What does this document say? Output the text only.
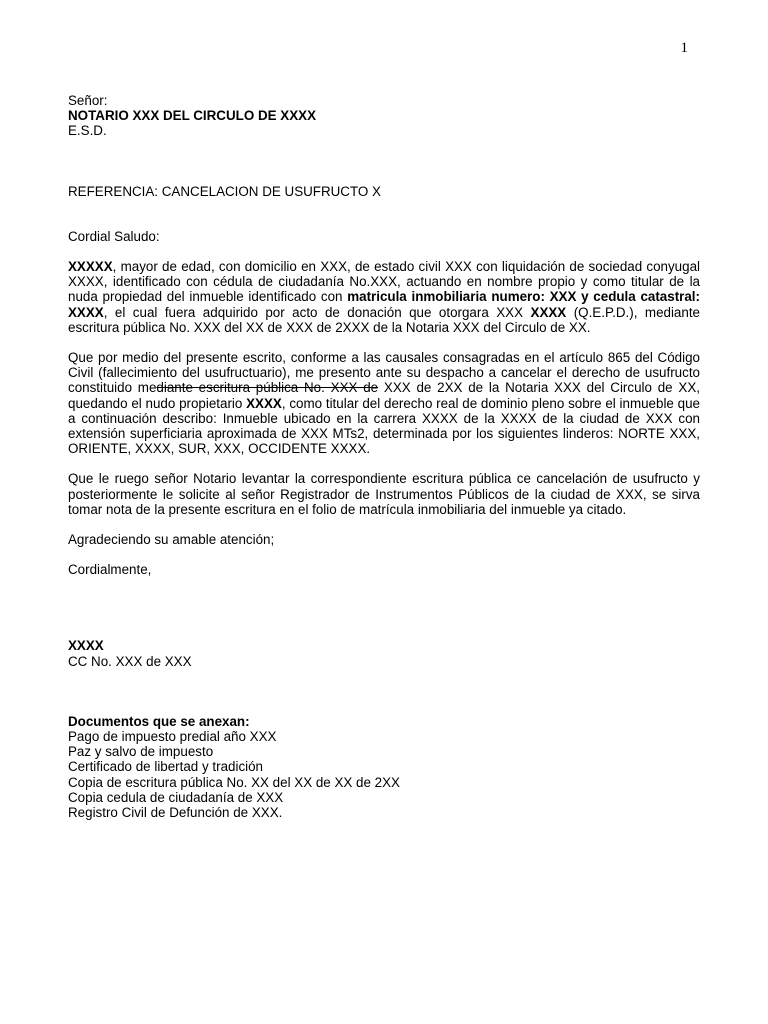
1
Señor:
NOTARIO XXX DEL CIRCULO DE XXXX
E.S.D.
REFERENCIA: CANCELACION DE USUFRUCTO X
Cordial Saludo:

XXXXX, mayor de edad, con domicilio en XXX, de estado civil XXX con liquidación de sociedad conyugal XXXX, identificado con cédula de ciudadanía No.XXX, actuando en nombre propio y como titular de la nuda propiedad del inmueble identificado con matricula inmobiliaria numero: XXX y cedula catastral: XXXX, el cual fuera adquirido por acto de donación que otorgara XXX XXXX (Q.E.P.D.), mediante escritura pública No. XXX del XX de XXX de 2XXX de la Notaria XXX del Circulo de XX.

Que por medio del presente escrito, conforme a las causales consagradas en el artículo 865 del Código Civil (fallecimiento del usufructuario), me presento ante su despacho a cancelar el derecho de usufructo constituido mediante escritura pública No. XXX de XXX de 2XX de la Notaria XXX del Circulo de XX, quedando el nudo propietario XXXX, como titular del derecho real de dominio pleno sobre el inmueble que a continuación describo: Inmueble ubicado en la carrera XXXX de la XXXX de la ciudad de XXX con extensión superficiaria aproximada de XXX MTs2, determinada por los siguientes linderos: NORTE XXX, ORIENTE, XXXX, SUR, XXX, OCCIDENTE XXXX.

Que le ruego señor Notario levantar la correspondiente escritura pública ce cancelación de usufructo y posteriormente le solicite al señor Registrador de Instrumentos Públicos de la ciudad de XXX, se sirva tomar nota de la presente escritura en el folio de matrícula inmobiliaria del inmueble ya citado.

Agradeciendo su amable atención;
Cordialmente,
XXXX
CC No. XXX de XXX
Documentos que se anexan:
Pago de impuesto predial año XXX
Paz y salvo de impuesto
Certificado de libertad y tradición
Copia de escritura pública No. XX del XX de XX de 2XX
Copia cedula de ciudadanía de XXX
Registro Civil de Defunción de XXX.
